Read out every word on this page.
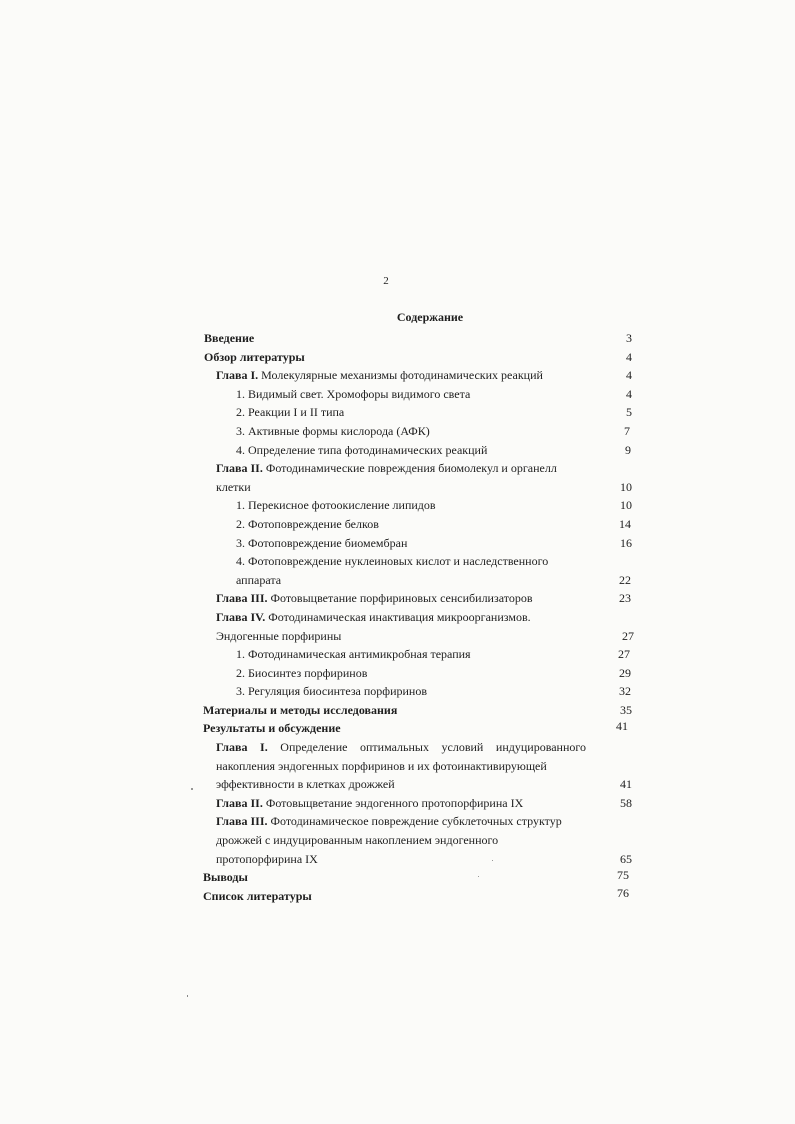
2
Содержание
Введение	3
Обзор литературы	4
Глава I. Молекулярные механизмы фотодинамических реакций	4
1. Видимый свет. Хромофоры видимого света	4
2. Реакции I и II типа	5
3. Активные формы кислорода (АФК)	7
4. Определение типа фотодинамических реакций	9
Глава II. Фотодинамические повреждения биомолекул и органелл
клетки	10
1. Перекисное фотоокисление липидов	10
2. Фотоповреждение белков	14
3. Фотоповреждение биомембран	16
4. Фотоповреждение нуклеиновых кислот и наследственного
аппарата	22
Глава III. Фотовыцветание порфириновых сенсибилизаторов	23
Глава IV. Фотодинамическая инактивация микроорганизмов.
Эндогенные порфирины	27
1. Фотодинамическая антимикробная терапия	27
2. Биосинтез порфиринов	29
3. Регуляция биосинтеза порфиринов	32
Материалы и методы исследования	35
Результаты и обсуждение	41
Глава I. Определение оптимальных условий индуцированного
накопления эндогенных порфиринов и их фотоинактивирующей
эффективности в клетках дрожжей	41
Глава II. Фотовыцветание эндогенного протопорфирина IX	58
Глава III. Фотодинамическое повреждение субклеточных структур
дрожжей с индуцированным накоплением эндогенного
протопорфирина IX	65
Выводы	75
Список литературы	76
